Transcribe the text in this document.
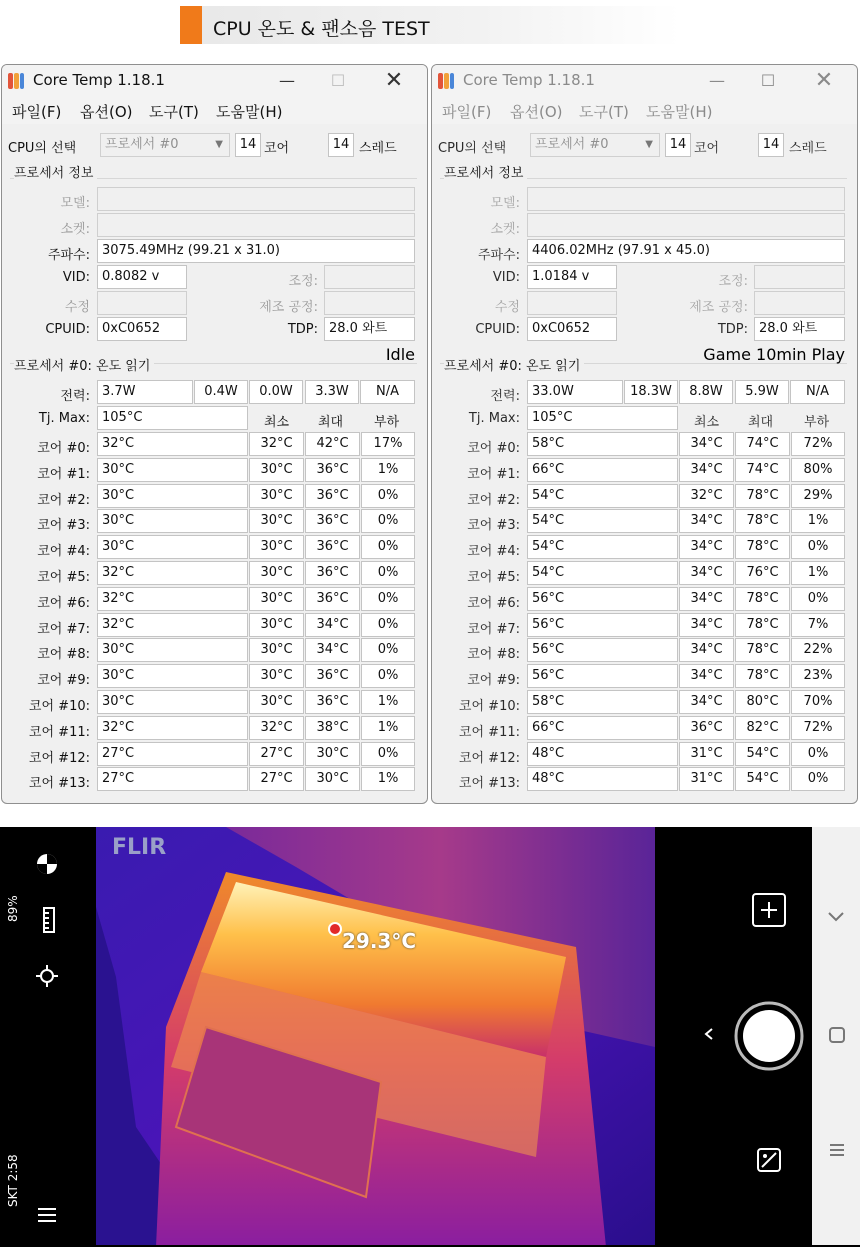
CPU 온도 & 팬소음 TEST
Core Temp 1.18.1	—	☐	✕
파일(F) 옵션(O) 도구(T) 도움말(H)
CPU의 선택	프로세서 #0	▼	14 코어	14 스레드
프로세서 정보
모델:
소켓:
주파수: 3075.49MHz (99.21 x 31.0)
VID: 0.8082 v	조정:
수정	제조 공정:
CPUID: 0xC0652	TDP: 28.0 와트
프로세서 #0: 온도 읽기
Idle
전력: 3.7W	0.4W	0.0W	3.3W	N/A
Tj. Max: 105°C	최소 최대 부하
코어 #0: 32°C	32°C	42°C	17%
코어 #1: 30°C	30°C	36°C	1%
코어 #2: 30°C	30°C	36°C	0%
코어 #3: 30°C	30°C	36°C	0%
코어 #4: 30°C	30°C	36°C	0%
코어 #5: 32°C	30°C	36°C	0%
코어 #6: 32°C	30°C	36°C	0%
코어 #7: 32°C	30°C	34°C	0%
코어 #8: 30°C	30°C	34°C	0%
코어 #9: 30°C	30°C	36°C	0%
코어 #10: 30°C	30°C	36°C	1%
코어 #11: 32°C	32°C	38°C	1%
코어 #12: 27°C	27°C	30°C	0%
코어 #13: 27°C	27°C	30°C	1%
Core Temp 1.18.1	—	☐	✕
파일(F) 옵션(O) 도구(T) 도움말(H)
CPU의 선택	프로세서 #0	▼	14 코어	14 스레드
프로세서 정보
모델:
소켓:
주파수: 4406.02MHz (97.91 x 45.0)
VID: 1.0184 v	조정:
수정	제조 공정:
CPUID: 0xC0652	TDP: 28.0 와트
프로세서 #0: 온도 읽기
Game 10min Play
전력: 33.0W	18.3W	8.8W	5.9W	N/A
Tj. Max: 105°C	최소 최대 부하
코어 #0: 58°C	34°C	74°C	72%
코어 #1: 66°C	34°C	74°C	80%
코어 #2: 54°C	32°C	78°C	29%
코어 #3: 54°C	34°C	78°C	1%
코어 #4: 54°C	34°C	78°C	0%
코어 #5: 54°C	34°C	76°C	1%
코어 #6: 56°C	34°C	78°C	0%
코어 #7: 56°C	34°C	78°C	7%
코어 #8: 56°C	34°C	78°C	22%
코어 #9: 56°C	34°C	78°C	23%
코어 #10: 58°C	34°C	80°C	70%
코어 #11: 66°C	36°C	82°C	72%
코어 #12: 48°C	31°C	54°C	0%
코어 #13: 48°C	31°C	54°C	0%
SKT 2:58
89%
FLIR
29.3°C
